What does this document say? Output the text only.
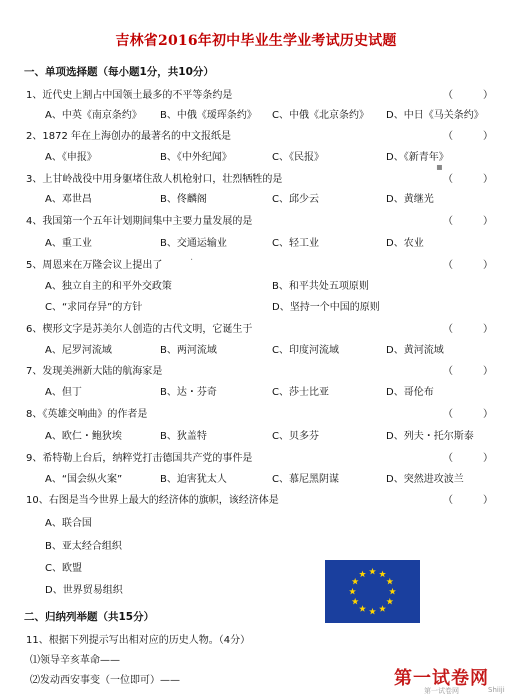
吉林省2016年初中毕业生学业考试历史试题
一、单项选择题（每小题1分，共10分）
1、近代史上割占中国领土最多的不平等条约是	（　　　）
A、中英《南京条约》 B、中俄《瑷珲条约》 C、中俄《北京条约》 D、中日《马关条约》
2、1872 年在上海创办的最著名的中文报纸是	（　　　）
A、《申报》	B、《中外纪闻》	C、《民报》	D、《新青年》
3、上甘岭战役中用身躯堵住敌人机枪射口，壮烈牺牲的是	（　　　）
A、邓世昌	B、佟麟阁	C、邱少云	D、黄继光
4、我国第一个五年计划期间集中主要力量发展的是	（　　　）
A、重工业	B、交通运输业	C、轻工业	D、农业
5、周恩来在万隆会议上提出了	（　　　）
A、独立自主的和平外交政策	B、和平共处五项原则
C、“求同存异”的方针	D、坚持一个中国的原则
6、楔形文字是苏美尔人创造的古代文明，它诞生于	（　　　）
A、尼罗河流域	B、两河流域	C、印度河流域	D、黄河流域
7、发现美洲新大陆的航海家是	（　　　）
A、但丁	B、达・芬奇	C、莎士比亚	D、哥伦布
8、《英雄交响曲》的作者是	（　　　）
A、欧仁・鲍狄埃	B、狄盖特	C、贝多芬	D、列夫・托尔斯泰
9、希特勒上台后，纳粹党打击德国共产党的事件是	（　　　）
A、“国会纵火案”	B、迫害犹太人	C、慕尼黑阴谋	D、突然进攻波兰
10、右图是当今世界上最大的经济体的旗帜，该经济体是	（　　　）
A、联合国
B、亚太经合组织
C、欧盟
D、世界贸易组织
二、归纳列举题（共15分）
11、根据下列提示写出相对应的历史人物。（4分）
⑴领导辛亥革命——
⑵发动西安事变（一位即可）——
▪
·
第一试卷网
第一试卷网	Shiiji
